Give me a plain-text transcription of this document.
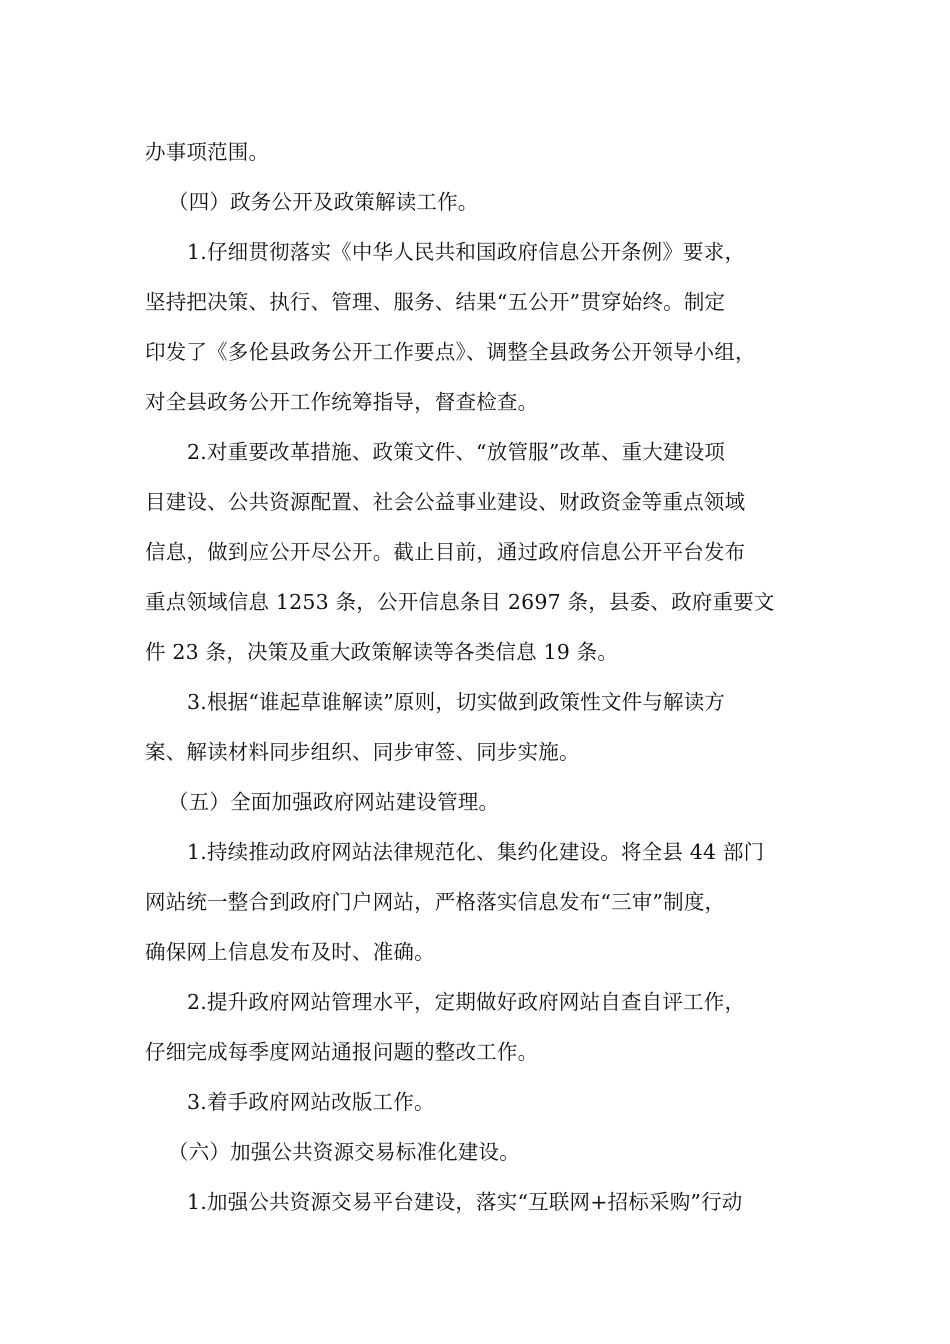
办事项范围。
（四）政务公开及政策解读工作。
1.仔细贯彻落实《中华人民共和国政府信息公开条例》要求，
坚持把决策、执行、管理、服务、结果“五公开”贯穿始终。制定
印发了《多伦县政务公开工作要点》、调整全县政务公开领导小组，
对全县政务公开工作统筹指导，督查检查。
2.对重要改革措施、政策文件、“放管服”改革、重大建设项
目建设、公共资源配置、社会公益事业建设、财政资金等重点领域
信息，做到应公开尽公开。截止目前，通过政府信息公开平台发布
重点领域信息 1253 条，公开信息条目 2697 条，县委、政府重要文
件 23 条，决策及重大政策解读等各类信息 19 条。
3.根据“谁起草谁解读”原则，切实做到政策性文件与解读方
案、解读材料同步组织、同步审签、同步实施。
（五）全面加强政府网站建设管理。
1.持续推动政府网站法律规范化、集约化建设。将全县 44 部门
网站统一整合到政府门户网站，严格落实信息发布“三审”制度，
确保网上信息发布及时、准确。
2.提升政府网站管理水平，定期做好政府网站自查自评工作，
仔细完成每季度网站通报问题的整改工作。
3.着手政府网站改版工作。
（六）加强公共资源交易标准化建设。
1.加强公共资源交易平台建设，落实“互联网+招标采购”行动
